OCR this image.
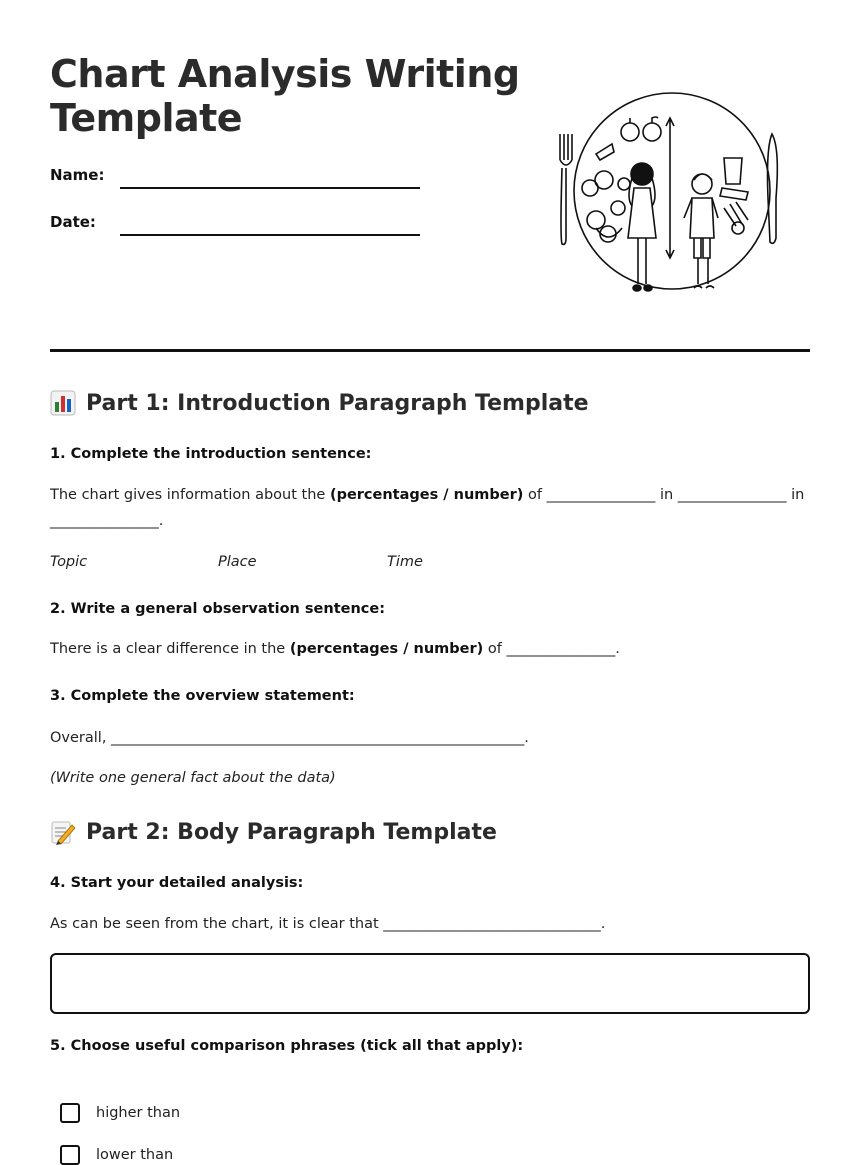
Chart Analysis Writing Template
Name:
Date:
Part 1: Introduction Paragraph Template
1. Complete the introduction sentence:
The chart gives information about the (percentages / number) of _______________ in _______________ in
_______________.
Topic	Place	Time
2. Write a general observation sentence:
There is a clear difference in the (percentages / number) of _______________.
3. Complete the overview statement:
Overall, _________________________________________________________.
(Write one general fact about the data)
Part 2: Body Paragraph Template
4. Start your detailed analysis:
As can be seen from the chart, it is clear that ______________________________.
5. Choose useful comparison phrases (tick all that apply):
higher than
lower than
